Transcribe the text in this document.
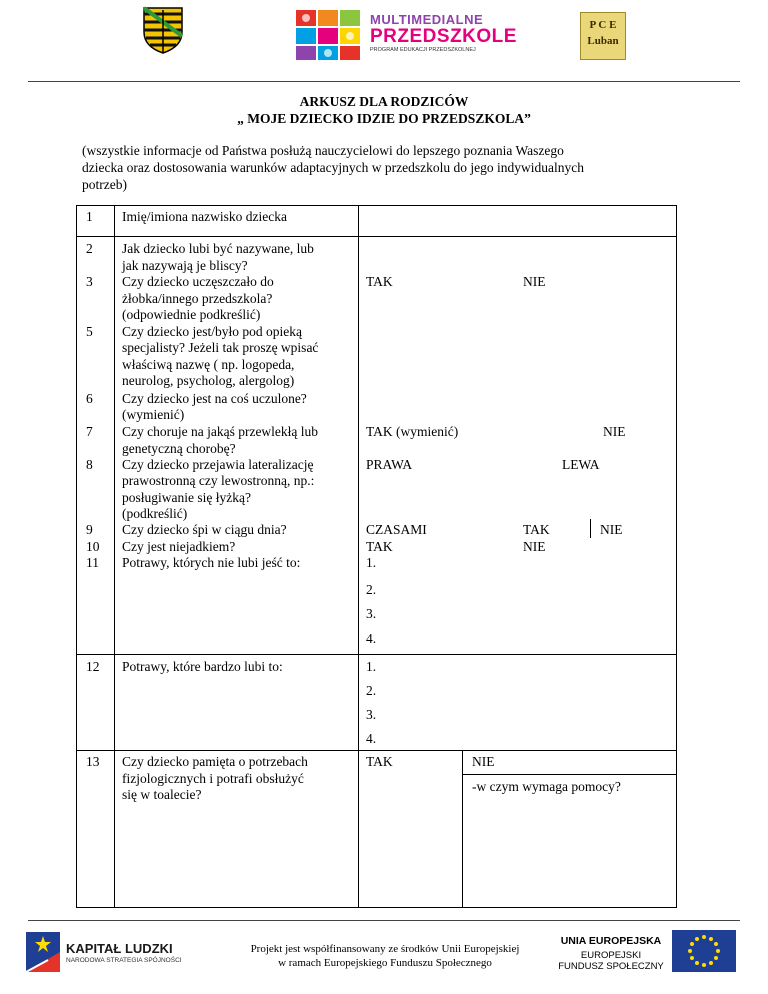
MULTIMEDIALNE
PRZEDSZKOLE
PROGRAM EDUKACJI PRZEDSZKOLNEJ
P C E
Luban
ARKUSZ DLA RODZICÓW
„ MOJE DZIECKO IDZIE DO PRZEDSZKOLA”
(wszystkie informacje od Państwa posłużą nauczycielowi do lepszego poznania Waszego
dziecka oraz dostosowania warunków adaptacyjnych w przedszkolu do jego indywidualnych
potrzeb)
1 Imię/imiona nazwisko dziecka
2 Jak dziecko lubi być nazywane, lub
jak nazywają je bliscy?
3 Czy dziecko uczęszczało do
żłobka/innego przedszkola?
(odpowiednie podkreślić)
TAK	NIE
5 Czy dziecko jest/było pod opieką
specjalisty? Jeżeli tak proszę wpisać
właściwą nazwę ( np. logopeda,
neurolog, psycholog, alergolog)
6 Czy dziecko jest na coś uczulone?
(wymienić)
7 Czy choruje na jakąś przewlekłą lub
genetyczną chorobę?
TAK (wymienić)	NIE
8 Czy dziecko przejawia lateralizację
prawostronną czy lewostronną, np.:
posługiwanie się łyżką?
(podkreślić)
PRAWA	LEWA
9 Czy dziecko śpi w ciągu dnia?	CZASAMI	TAK	NIE
10 Czy jest niejadkiem?	TAK	NIE
11 Potrawy, których nie lubi jeść to:	1.
2.
3.
4.
12 Potrawy, które bardzo lubi to:	1.
2.
3.
4.
13 Czy dziecko pamięta o potrzebach
fizjologicznych i potrafi obsłużyć
się w toalecie?
TAK	NIE
-w czym wymaga pomocy?
KAPITAŁ LUDZKI
NARODOWA STRATEGIA SPÓJNOŚCI
Projekt jest współfinansowany ze środków Unii Europejskiej
w ramach Europejskiego Funduszu Społecznego
UNIA EUROPEJSKA
EUROPEJSKI
FUNDUSZ SPOŁECZNY
